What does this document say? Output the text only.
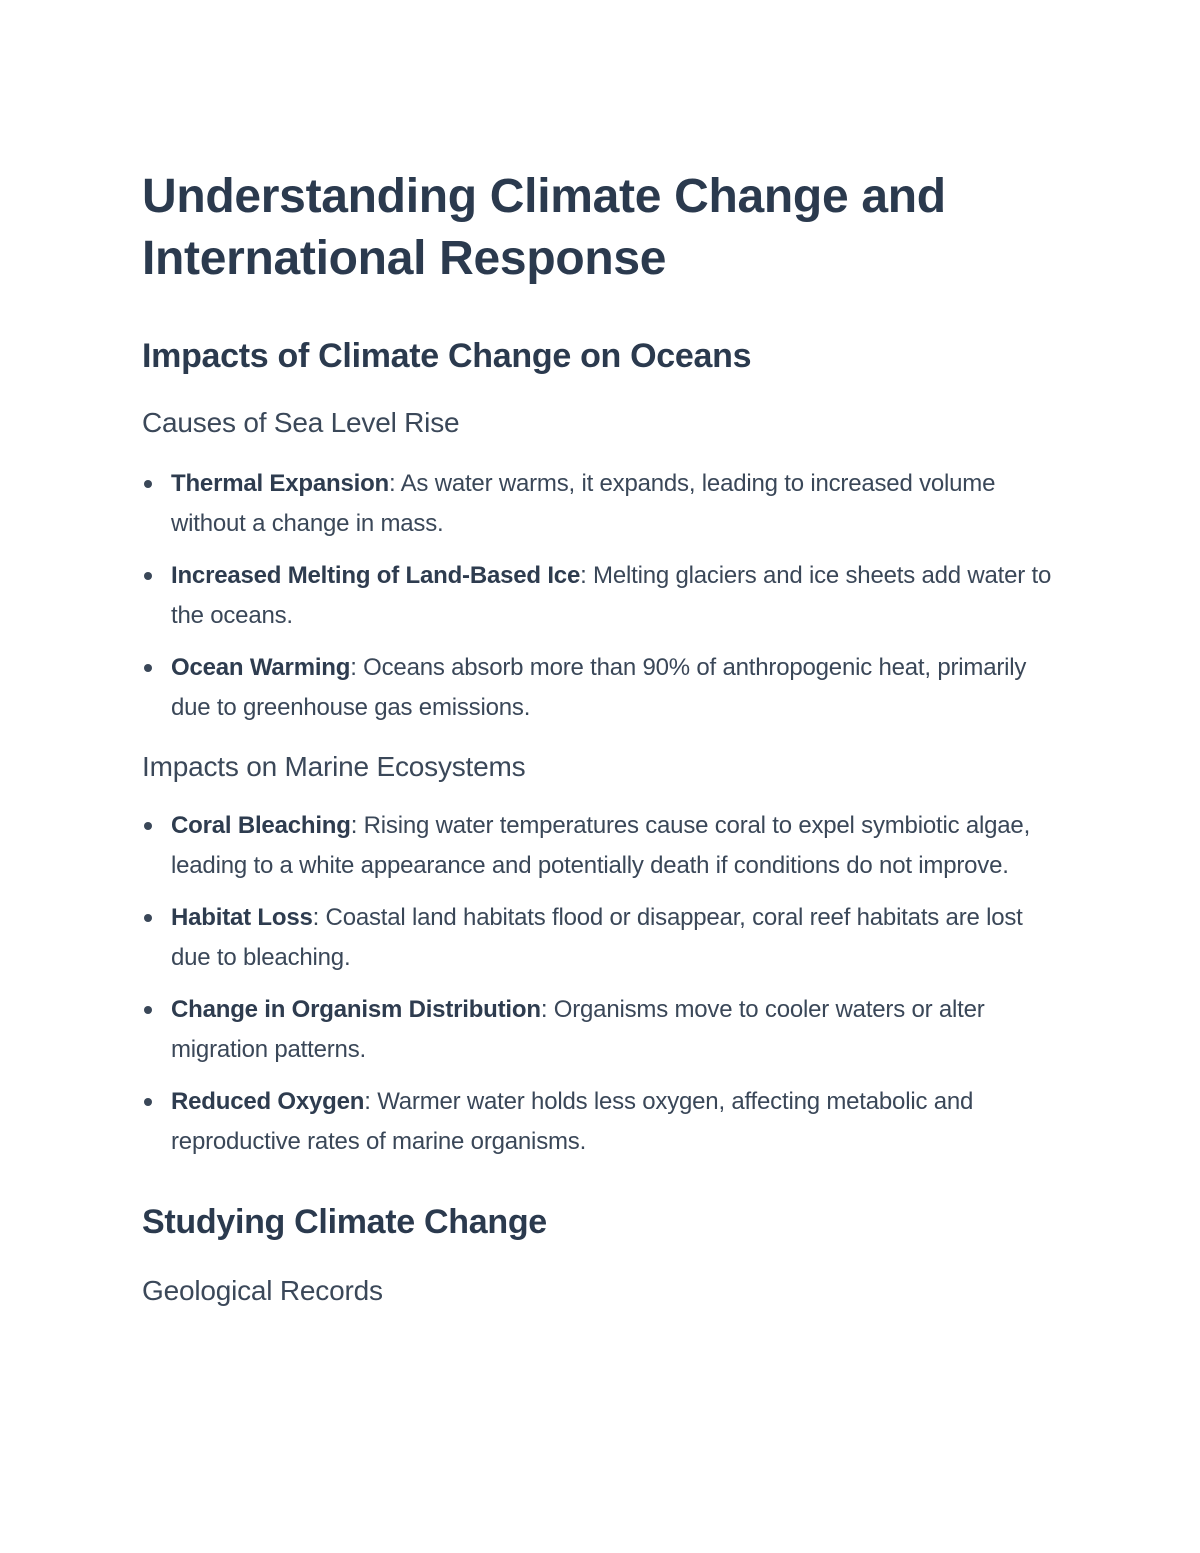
Understanding Climate Change and International Response
Impacts of Climate Change on Oceans
Causes of Sea Level Rise
Thermal Expansion: As water warms, it expands, leading to increased volume without a change in mass.
Increased Melting of Land-Based Ice: Melting glaciers and ice sheets add water to the oceans.
Ocean Warming: Oceans absorb more than 90% of anthropogenic heat, primarily due to greenhouse gas emissions.
Impacts on Marine Ecosystems
Coral Bleaching: Rising water temperatures cause coral to expel symbiotic algae, leading to a white appearance and potentially death if conditions do not improve.
Habitat Loss: Coastal land habitats flood or disappear, coral reef habitats are lost due to bleaching.
Change in Organism Distribution: Organisms move to cooler waters or alter migration patterns.
Reduced Oxygen: Warmer water holds less oxygen, affecting metabolic and reproductive rates of marine organisms.
Studying Climate Change
Geological Records
